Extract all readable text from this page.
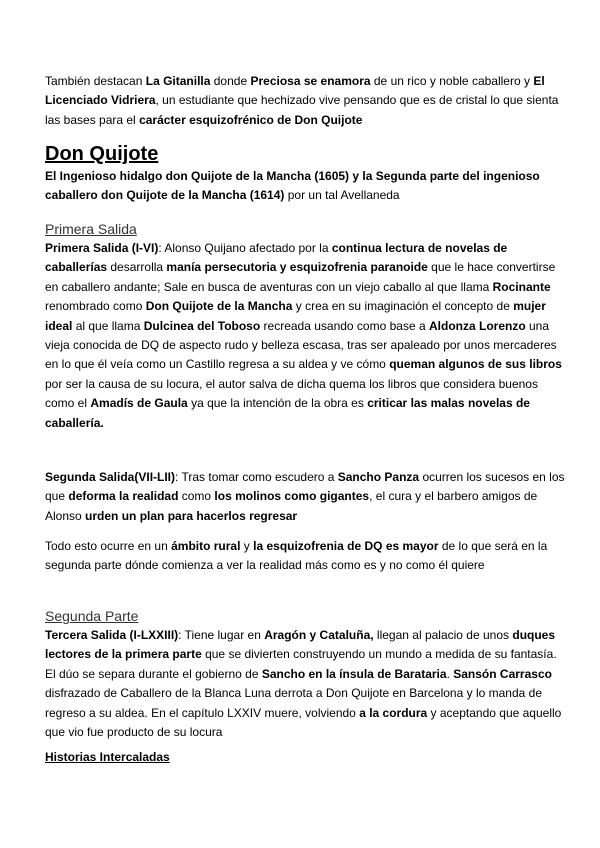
También destacan La Gitanilla donde Preciosa se enamora de un rico y noble caballero y El Licenciado Vidriera, un estudiante que hechizado vive pensando que es de cristal lo que sienta las bases para el carácter esquizofrénico de Don Quijote

Don Quijote

El Ingenioso hidalgo don Quijote de la Mancha (1605) y la Segunda parte del ingenioso caballero don Quijote de la Mancha (1614) por un tal Avellaneda

Primera Salida

Primera Salida (I-VI): Alonso Quijano afectado por la continua lectura de novelas de caballerías desarrolla manía persecutoria y esquizofrenia paranoide que le hace convertirse en caballero andante; Sale en busca de aventuras con un viejo caballo al que llama Rocinante renombrado como Don Quijote de la Mancha y crea en su imaginación el concepto de mujer ideal al que llama Dulcinea del Toboso recreada usando como base a Aldonza Lorenzo una vieja conocida de DQ de aspecto rudo y belleza escasa, tras ser apaleado por unos mercaderes en lo que él veía como un Castillo regresa a su aldea y ve cómo queman algunos de sus libros por ser la causa de su locura, el autor salva de dicha quema los libros que considera buenos como el Amadís de Gaula ya que la intención de la obra es criticar las malas novelas de caballería.

Segunda Salida(VII-LII): Tras tomar como escudero a Sancho Panza ocurren los sucesos en los que deforma la realidad como los molinos como gigantes, el cura y el barbero amigos de Alonso urden un plan para hacerlos regresar

Todo esto ocurre en un ámbito rural y la esquizofrenia de DQ es mayor de lo que será en la segunda parte dónde comienza a ver la realidad más como es y no como él quiere

Segunda Parte

Tercera Salida (I-LXXIII): Tiene lugar en Aragón y Cataluña, llegan al palacio de unos duques lectores de la primera parte que se divierten construyendo un mundo a medida de su fantasía. El dúo se separa durante el gobierno de Sancho en la ínsula de Barataria. Sansón Carrasco disfrazado de Caballero de la Blanca Luna derrota a Don Quijote en Barcelona y lo manda de regreso a su aldea. En el capítulo LXXIV muere, volviendo a la cordura y aceptando que aquello que vio fue producto de su locura

Historias Intercaladas
